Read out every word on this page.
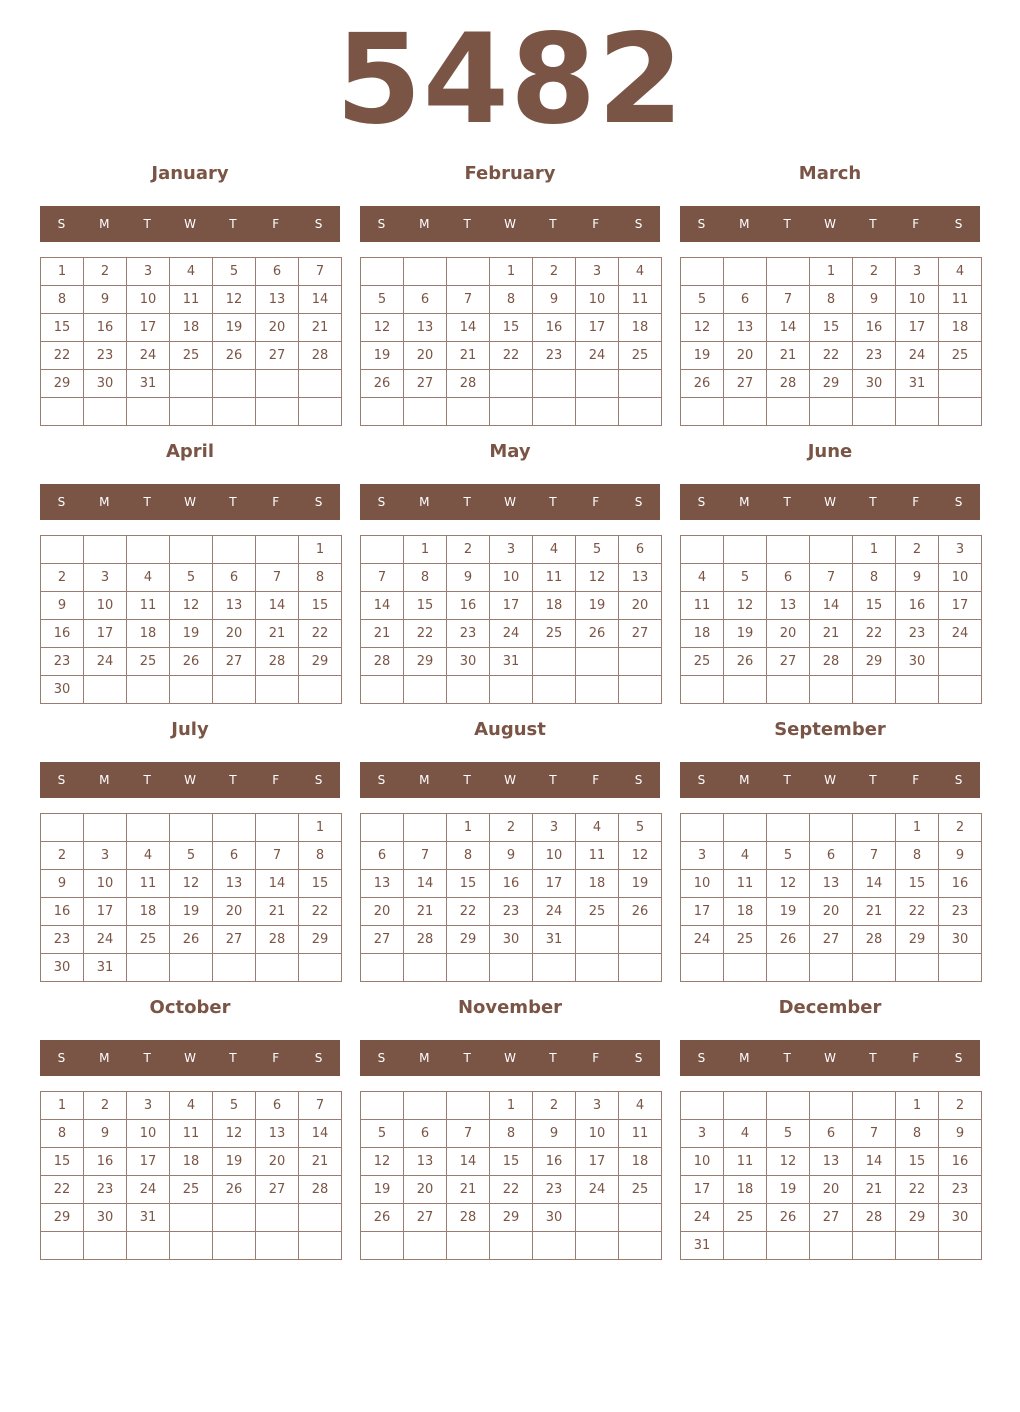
5482
January
S	M	T	W	T	F	S
1	2	3	4	5	6	7
8	9	10	11	12	13	14
15	16	17	18	19	20	21
22	23	24	25	26	27	28
29	30	31				

February
S	M	T	W	T	F	S
			1	2	3	4
5	6	7	8	9	10	11
12	13	14	15	16	17	18
19	20	21	22	23	24	25
26	27	28				

March
S	M	T	W	T	F	S
			1	2	3	4
5	6	7	8	9	10	11
12	13	14	15	16	17	18
19	20	21	22	23	24	25
26	27	28	29	30	31	

April
S	M	T	W	T	F	S
						1
2	3	4	5	6	7	8
9	10	11	12	13	14	15
16	17	18	19	20	21	22
23	24	25	26	27	28	29
30						
May
S	M	T	W	T	F	S
	1	2	3	4	5	6
7	8	9	10	11	12	13
14	15	16	17	18	19	20
21	22	23	24	25	26	27
28	29	30	31			

June
S	M	T	W	T	F	S
				1	2	3
4	5	6	7	8	9	10
11	12	13	14	15	16	17
18	19	20	21	22	23	24
25	26	27	28	29	30	

July
S	M	T	W	T	F	S
						1
2	3	4	5	6	7	8
9	10	11	12	13	14	15
16	17	18	19	20	21	22
23	24	25	26	27	28	29
30	31					
August
S	M	T	W	T	F	S
		1	2	3	4	5
6	7	8	9	10	11	12
13	14	15	16	17	18	19
20	21	22	23	24	25	26
27	28	29	30	31		

September
S	M	T	W	T	F	S
					1	2
3	4	5	6	7	8	9
10	11	12	13	14	15	16
17	18	19	20	21	22	23
24	25	26	27	28	29	30

October
S	M	T	W	T	F	S
1	2	3	4	5	6	7
8	9	10	11	12	13	14
15	16	17	18	19	20	21
22	23	24	25	26	27	28
29	30	31				

November
S	M	T	W	T	F	S
			1	2	3	4
5	6	7	8	9	10	11
12	13	14	15	16	17	18
19	20	21	22	23	24	25
26	27	28	29	30		

December
S	M	T	W	T	F	S
					1	2
3	4	5	6	7	8	9
10	11	12	13	14	15	16
17	18	19	20	21	22	23
24	25	26	27	28	29	30
31						
